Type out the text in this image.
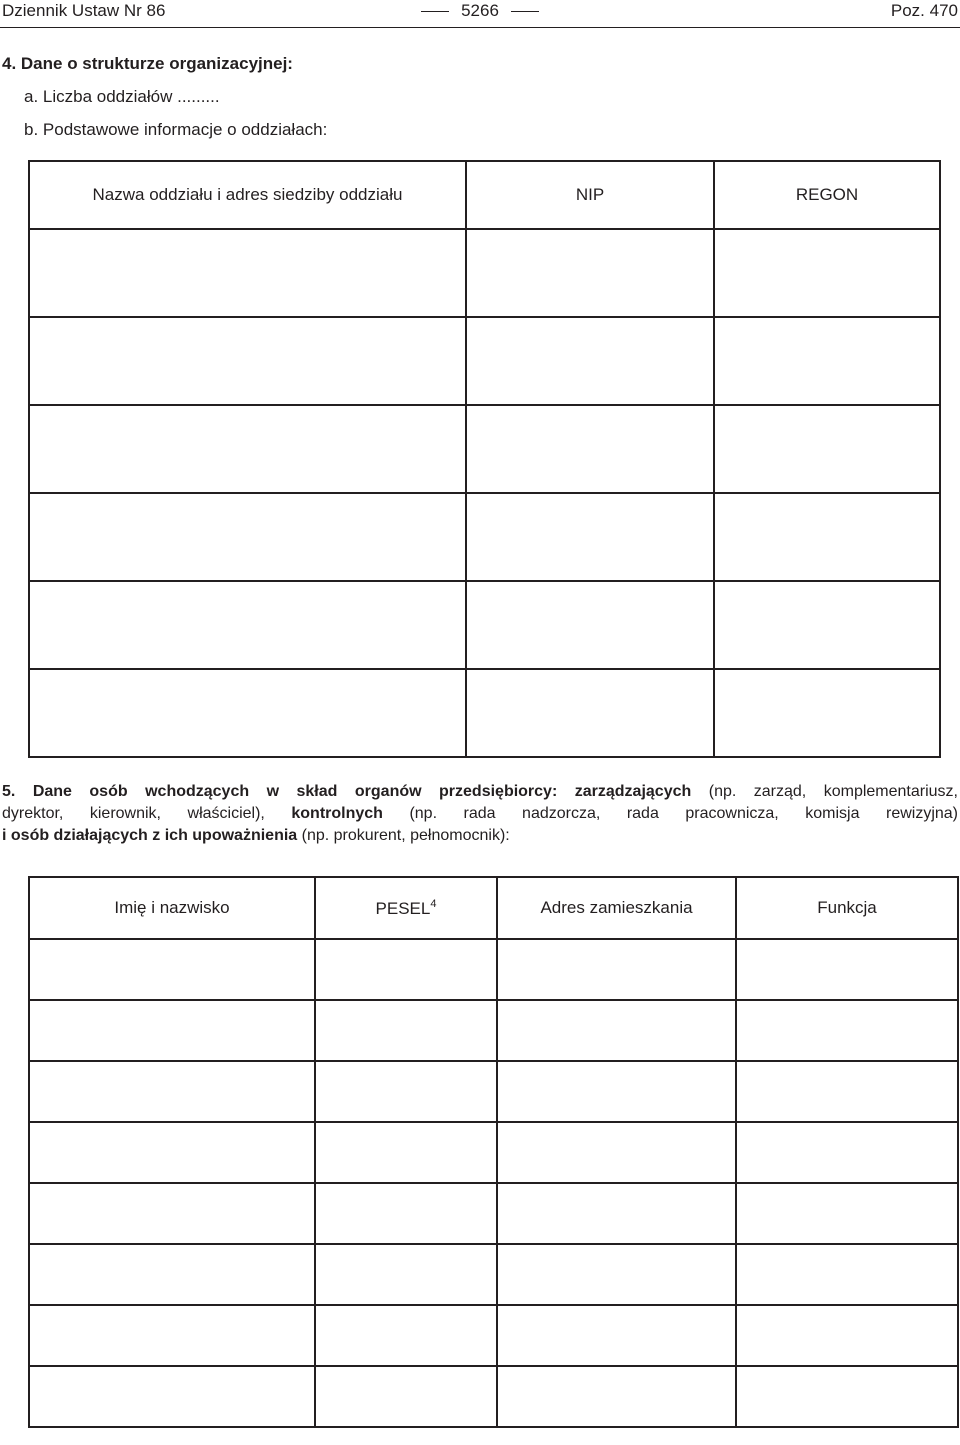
Dziennik Ustaw Nr 86	5266	Poz. 470
4. Dane o strukturze organizacyjnej:
a. Liczba oddziałów .........
b. Podstawowe informacje o oddziałach:
Nazwa oddziału i adres siedziby oddziału	NIP	REGON

5. Dane osób wchodzących w skład organów przedsiębiorcy: zarządzających (np. zarząd, komplementariusz,

dyrektor, kierownik, właściciel), kontrolnych (np. rada nadzorcza, rada pracownicza, komisja rewizyjna)

i osób działających z ich upoważnienia (np. prokurent, pełnomocnik):

Imię i nazwisko	PESEL$^4$	Adres zamieszkania	Funkcja
